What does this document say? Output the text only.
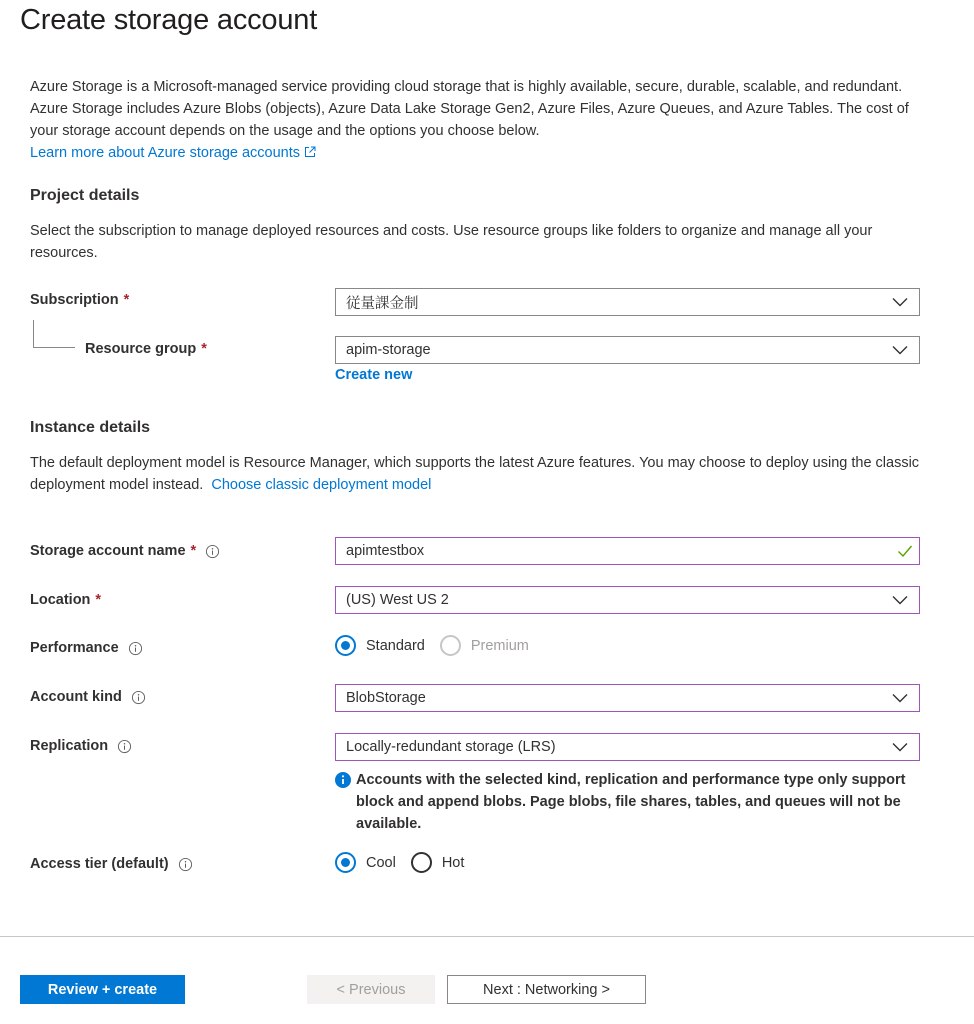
Create storage account
Azure Storage is a Microsoft-managed service providing cloud storage that is highly available, secure, durable, scalable, and redundant. Azure Storage includes Azure Blobs (objects), Azure Data Lake Storage Gen2, Azure Files, Azure Queues, and Azure Tables. The cost of your storage account depends on the usage and the options you choose below.
Learn more about Azure storage accounts
Project details
Select the subscription to manage deployed resources and costs. Use resource groups like folders to organize and manage all your resources.
Subscription *	従量課金制
Resource group *	apim-storage
Create new
Instance details
The default deployment model is Resource Manager, which supports the latest Azure features. You may choose to deploy using the classic deployment model instead. Choose classic deployment model
Storage account name *	apimtestbox
Location *	(US) West US 2
Performance	Standard	Premium
Account kind	BlobStorage
Replication	Locally-redundant storage (LRS)
Accounts with the selected kind, replication and performance type only support block and append blobs. Page blobs, file shares, tables, and queues will not be available.
Access tier (default)	Cool	Hot
Review + create	< Previous	Next : Networking >
